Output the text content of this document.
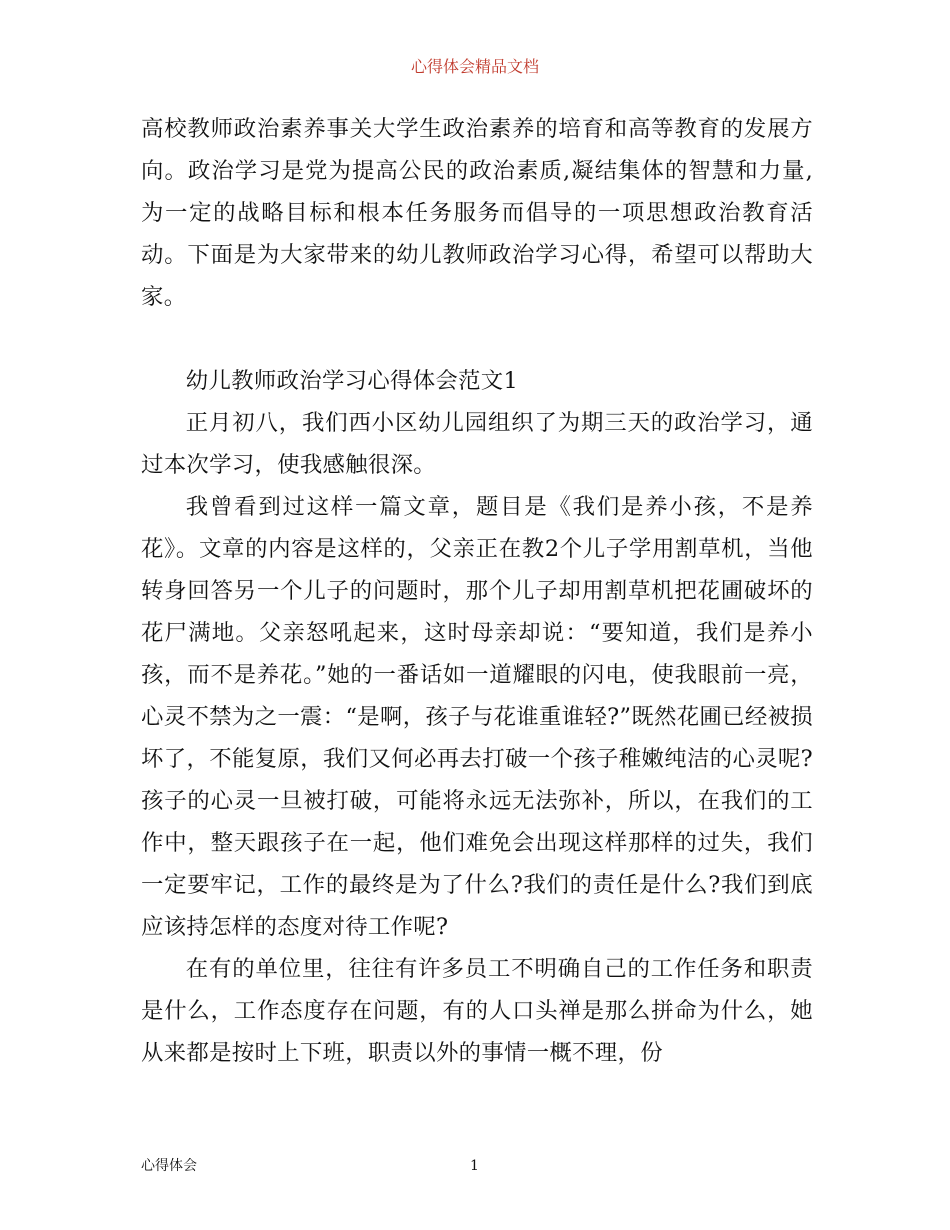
心得体会精品文档

高校教师政治素养事关大学生政治素养的培育和高等教育的发展方向。政治学习是党为提高公民的政治素质,凝结集体的智慧和力量,为一定的战略目标和根本任务服务而倡导的一项思想政治教育活动。下面是为大家带来的幼儿教师政治学习心得，希望可以帮助大家。

幼儿教师政治学习心得体会范文1

正月初八，我们西小区幼儿园组织了为期三天的政治学习，通过本次学习，使我感触很深。

我曾看到过这样一篇文章，题目是《我们是养小孩，不是养花》。文章的内容是这样的，父亲正在教2个儿子学用割草机，当他转身回答另一个儿子的问题时，那个儿子却用割草机把花圃破坏的花尸满地。父亲怒吼起来，这时母亲却说：“要知道，我们是养小孩，而不是养花。”她的一番话如一道耀眼的闪电，使我眼前一亮，心灵不禁为之一震：“是啊，孩子与花谁重谁轻?”既然花圃已经被损坏了，不能复原，我们又何必再去打破一个孩子稚嫩纯洁的心灵呢?孩子的心灵一旦被打破，可能将永远无法弥补，所以，在我们的工作中，整天跟孩子在一起，他们难免会出现这样那样的过失，我们一定要牢记，工作的最终是为了什么?我们的责任是什么?我们到底应该持怎样的态度对待工作呢?

在有的单位里，往往有许多员工不明确自己的工作任务和职责是什么，工作态度存在问题，有的人口头禅是那么拼命为什么，她从来都是按时上下班，职责以外的事情一概不理，份

心得体会	1
